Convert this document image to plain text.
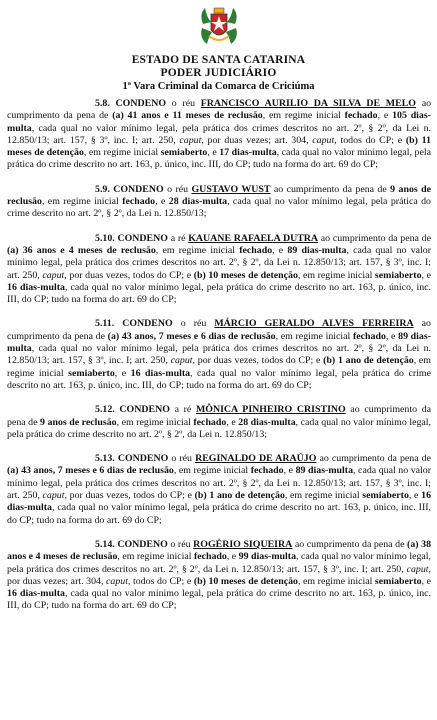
ESTADO DE SANTA CATARINA
PODER JUDICIÁRIO
1ª Vara Criminal da Comarca de Criciúma

5.8. CONDENO o réu FRANCISCO AURILIO DA SILVA DE MELO ao cumprimento da pena de (a) 41 anos e 11 meses de reclusão, em regime inicial fechado, e 105 dias-multa, cada qual no valor mínimo legal, pela prática dos crimes descritos no art. 2º, § 2º, da Lei n. 12.850/13; art. 157, § 3º, inc. I; art. 250, caput, por duas vezes; art. 304, caput, todos do CP; e (b) 11 meses de detenção, em regime inicial semiaberto, e 17 dias-multa, cada qual no valor mínimo legal, pela prática do crime descrito no art. 163, p. único, inc. III, do CP; tudo na forma do art. 69 do CP;

5.9. CONDENO o réu GUSTAVO WUST ao cumprimento da pena de 9 anos de reclusão, em regime inicial fechado, e 28 dias-multa, cada qual no valor mínimo legal, pela prática do crime descrito no art. 2º, § 2º, da Lei n. 12.850/13;

5.10. CONDENO a ré KAUANE RAFAELA DUTRA ao cumprimento da pena de (a) 36 anos e 4 meses de reclusão, em regime inicial fechado, e 89 dias-multa, cada qual no valor mínimo legal, pela prática dos crimes descritos no art. 2º, § 2º, da Lei n. 12.850/13; art. 157, § 3º, inc. I; art. 250, caput, por duas vezes, todos do CP; e (b) 10 meses de detenção, em regime inicial semiaberto, e 16 dias-multa, cada qual no valor mínimo legal, pela prática do crime descrito no art. 163, p. único, inc. III, do CP; tudo na forma do art. 69 do CP;

5.11. CONDENO o réu MÁRCIO GERALDO ALVES FERREIRA ao cumprimento da pena de (a) 43 anos, 7 meses e 6 dias de reclusão, em regime inicial fechado, e 89 dias-multa, cada qual no valor mínimo legal, pela prática dos crimes descritos no art. 2º, § 2º, da Lei n. 12.850/13; art. 157, § 3º, inc. I; art. 250, caput, por duas vezes, todos do CP; e (b) 1 ano de detenção, em regime inicial semiaberto, e 16 dias-multa, cada qual no valor mínimo legal, pela prática do crime descrito no art. 163, p. único, inc. III, do CP; tudo na forma do art. 69 do CP;

5.12. CONDENO a ré MÔNICA PINHEIRO CRISTINO ao cumprimento da pena de 9 anos de reclusão, em regime inicial fechado, e 28 dias-multa, cada qual no valor mínimo legal, pela prática do crime descrito no art. 2º, § 2º, da Lei n. 12.850/13;

5.13. CONDENO o réu REGINALDO DE ARAÚJO ao cumprimento da pena de (a) 43 anos, 7 meses e 6 dias de reclusão, em regime inicial fechado, e 89 dias-multa, cada qual no valor mínimo legal, pela prática dos crimes descritos no art. 2º, § 2º, da Lei n. 12.850/13; art. 157, § 3º, inc. I; art. 250, caput, por duas vezes, todos do CP; e (b) 1 ano de detenção, em regime inicial semiaberto, e 16 dias-multa, cada qual no valor mínimo legal, pela prática do crime descrito no art. 163, p. único, inc. III, do CP; tudo na forma do art. 69 do CP;

5.14. CONDENO o réu ROGÉRIO SIQUEIRA ao cumprimento da pena de (a) 38 anos e 4 meses de reclusão, em regime inicial fechado, e 99 dias-multa, cada qual no valor mínimo legal, pela prática dos crimes descritos no art. 2º, § 2º, da Lei n. 12.850/13; art. 157, § 3º, inc. I; art. 250, caput, por duas vezes; art. 304, caput, todos do CP; e (b) 10 meses de detenção, em regime inicial semiaberto, e 16 dias-multa, cada qual no valor mínimo legal, pela prática do crime descrito no art. 163, p. único, inc. III, do CP; tudo na forma do art. 69 do CP;
